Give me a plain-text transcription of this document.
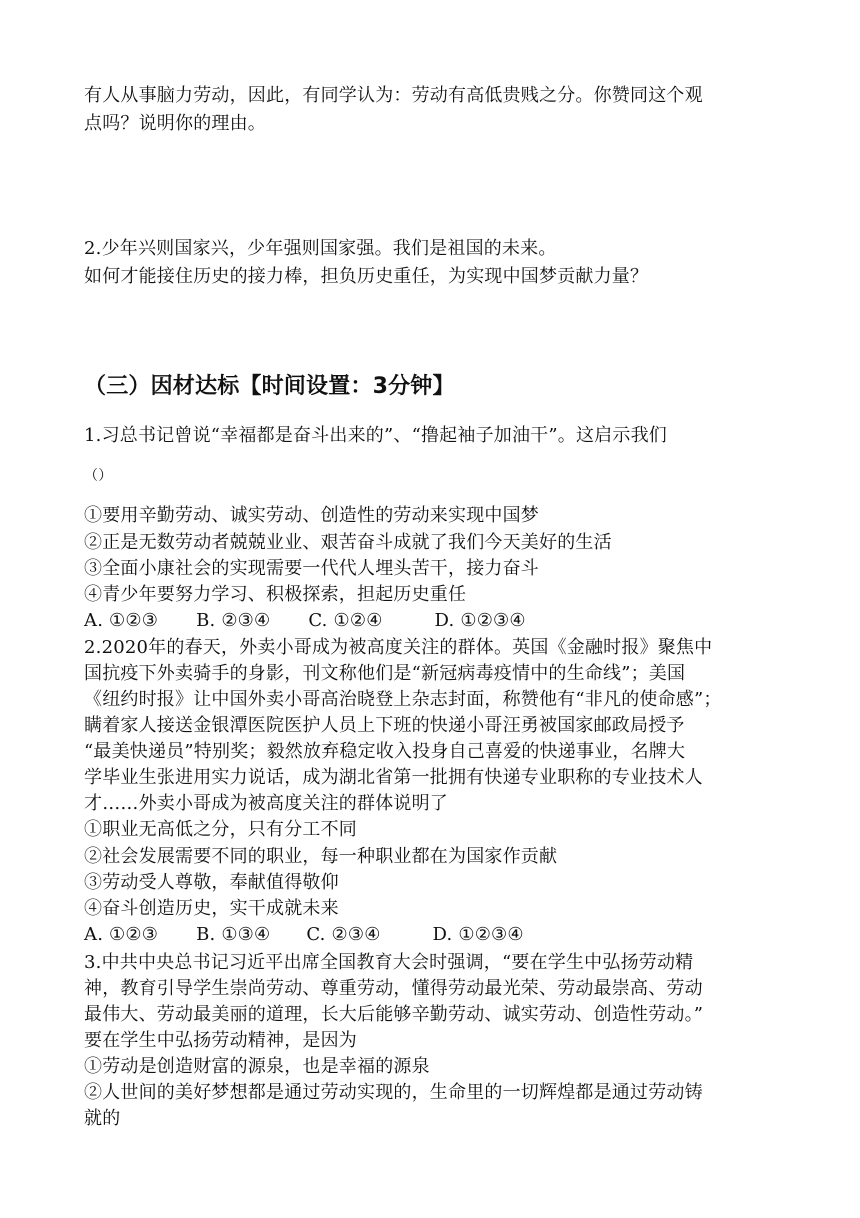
有人从事脑力劳动，因此，有同学认为：劳动有高低贵贱之分。你赞同这个观
点吗？说明你的理由。
2.少年兴则国家兴，少年强则国家强。我们是祖国的未来。
如何才能接住历史的接力棒，担负历史重任，为实现中国梦贡献力量？
（三）因材达标【时间设置：3分钟】
1.习总书记曾说“幸福都是奋斗出来的”、“撸起袖子加油干”。这启示我们
（）
①要用辛勤劳动、诚实劳动、创造性的劳动来实现中国梦
②正是无数劳动者兢兢业业、艰苦奋斗成就了我们今天美好的生活
③全面小康社会的实现需要一代代人埋头苦干，接力奋斗
④青少年要努力学习、积极探索，担起历史重任
A. ①②③ B. ②③④ C. ①②④	D. ①②③④
2.2020年的春天，外卖小哥成为被高度关注的群体。英国《金融时报》聚焦中
国抗疫下外卖骑手的身影，刊文称他们是“新冠病毒疫情中的生命线”；美国
《纽约时报》让中国外卖小哥高治晓登上杂志封面，称赞他有“非凡的使命感”；
瞒着家人接送金银潭医院医护人员上下班的快递小哥汪勇被国家邮政局授予
“最美快递员”特别奖；毅然放弃稳定收入投身自己喜爱的快递事业，名牌大
学毕业生张进用实力说话，成为湖北省第一批拥有快递专业职称的专业技术人
才……外卖小哥成为被高度关注的群体说明了
①职业无高低之分，只有分工不同
②社会发展需要不同的职业，每一种职业都在为国家作贡献
③劳动受人尊敬，奉献值得敬仰
④奋斗创造历史，实干成就未来
A. ①②③ B. ①③④ C. ②③④	D. ①②③④
3.中共中央总书记习近平出席全国教育大会时强调，“要在学生中弘扬劳动精
神，教育引导学生崇尚劳动、尊重劳动，懂得劳动最光荣、劳动最崇高、劳动
最伟大、劳动最美丽的道理，长大后能够辛勤劳动、诚实劳动、创造性劳动。”
要在学生中弘扬劳动精神，是因为
①劳动是创造财富的源泉，也是幸福的源泉
②人世间的美好梦想都是通过劳动实现的，生命里的一切辉煌都是通过劳动铸
就的
